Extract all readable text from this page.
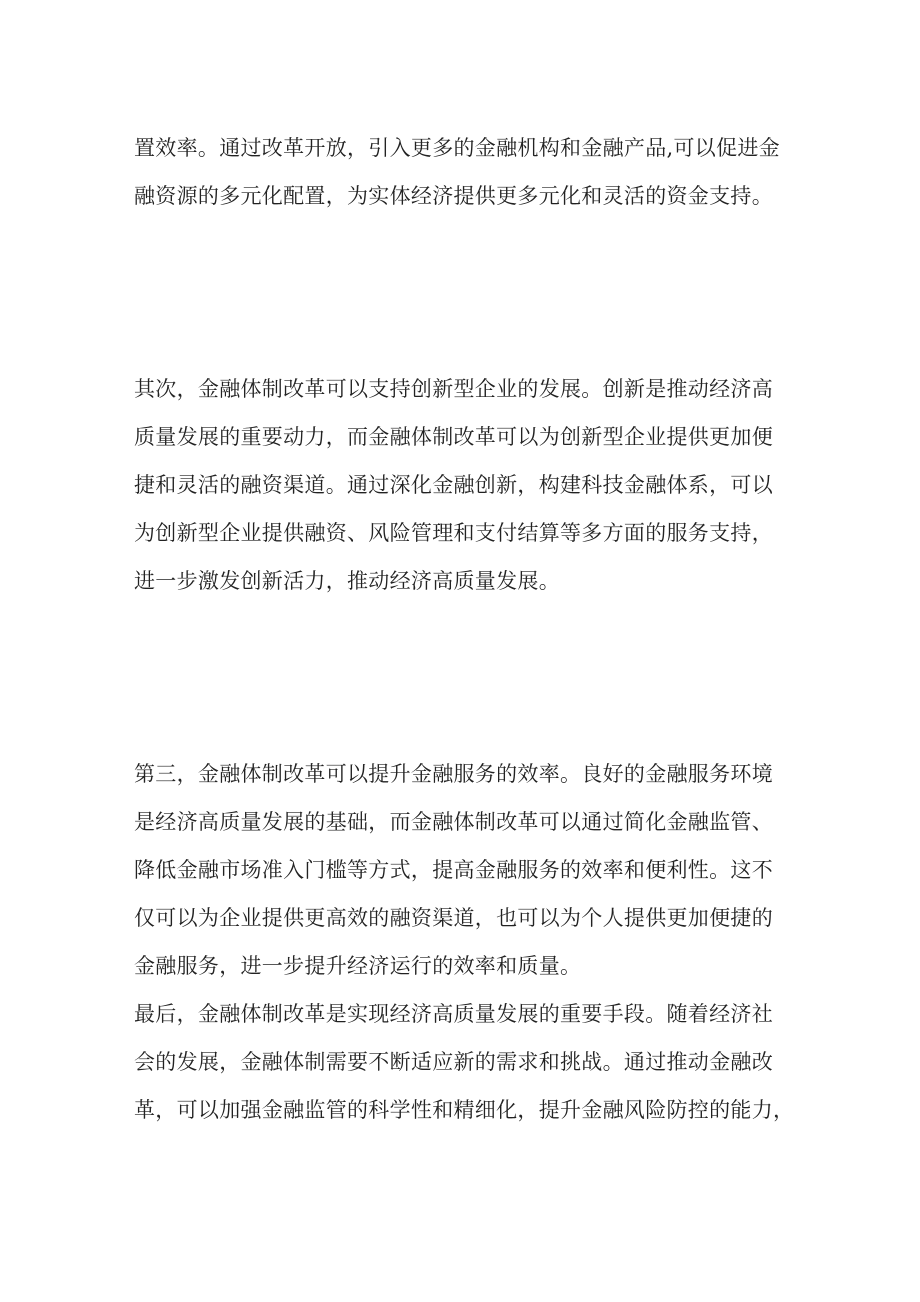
置效率。通过改革开放，引入更多的金融机构和金融产品,可以促进金
融资源的多元化配置，为实体经济提供更多元化和灵活的资金支持。
其次，金融体制改革可以支持创新型企业的发展。创新是推动经济高
质量发展的重要动力，而金融体制改革可以为创新型企业提供更加便
捷和灵活的融资渠道。通过深化金融创新，构建科技金融体系，可以
为创新型企业提供融资、风险管理和支付结算等多方面的服务支持，
进一步激发创新活力，推动经济高质量发展。
第三，金融体制改革可以提升金融服务的效率。良好的金融服务环境
是经济高质量发展的基础，而金融体制改革可以通过简化金融监管、
降低金融市场准入门槛等方式，提高金融服务的效率和便利性。这不
仅可以为企业提供更高效的融资渠道，也可以为个人提供更加便捷的
金融服务，进一步提升经济运行的效率和质量。
最后，金融体制改革是实现经济高质量发展的重要手段。随着经济社
会的发展，金融体制需要不断适应新的需求和挑战。通过推动金融改
革，可以加强金融监管的科学性和精细化，提升金融风险防控的能力，
